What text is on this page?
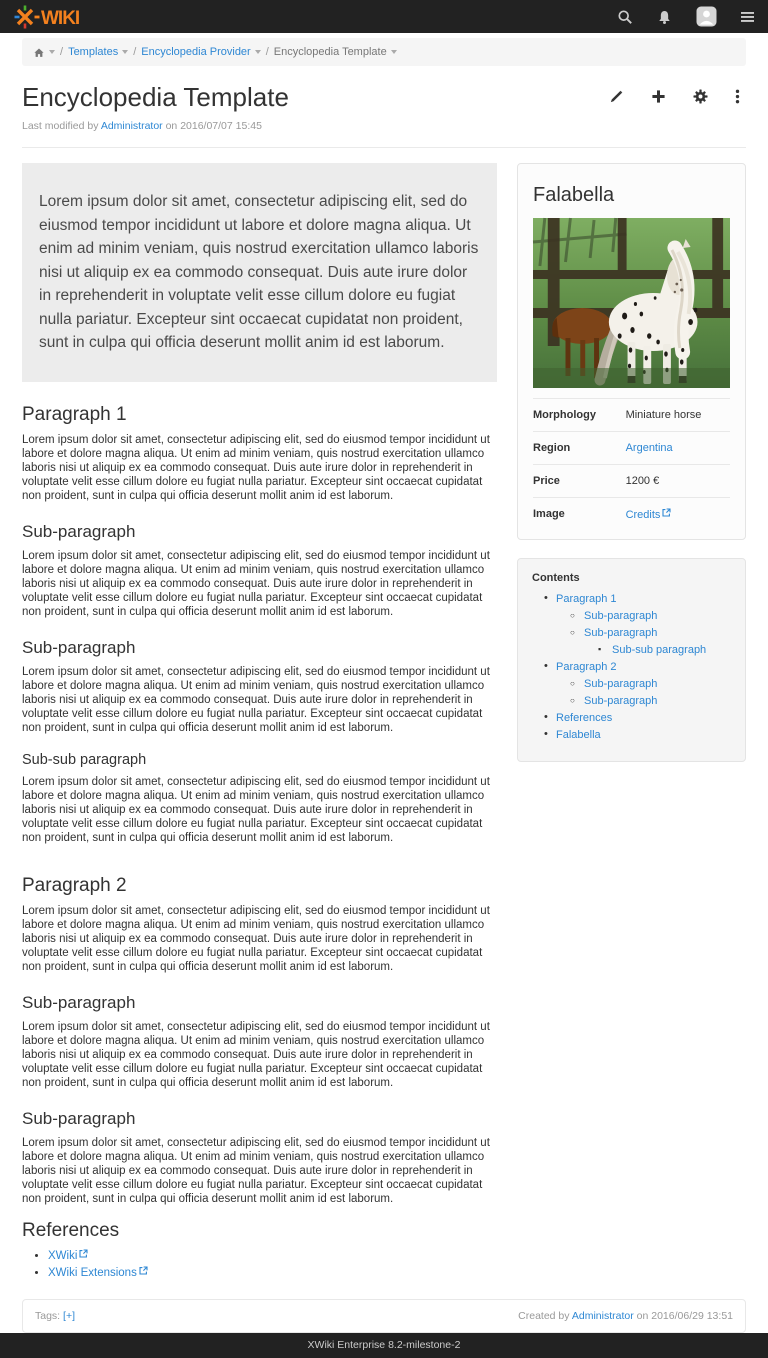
WIKI
/ Templates	/ Encyclopedia Provider	/ Encyclopedia Template
Encyclopedia Template
Last modified by Administrator on 2016/07/07 15:45
Lorem ipsum dolor sit amet, consectetur adipiscing elit, sed do eiusmod tempor incididunt ut labore et dolore magna aliqua. Ut enim ad minim veniam, quis nostrud exercitation ullamco laboris nisi ut aliquip ex ea commodo consequat. Duis aute irure dolor in reprehenderit in voluptate velit esse cillum dolore eu fugiat nulla pariatur. Excepteur sint occaecat cupidatat non proident, sunt in culpa qui officia deserunt mollit anim id est laborum.
Paragraph 1

Lorem ipsum dolor sit amet, consectetur adipiscing elit, sed do eiusmod tempor incididunt ut labore et dolore magna aliqua. Ut enim ad minim veniam, quis nostrud exercitation ullamco laboris nisi ut aliquip ex ea commodo consequat. Duis aute irure dolor in reprehenderit in voluptate velit esse cillum dolore eu fugiat nulla pariatur. Excepteur sint occaecat cupidatat non proident, sunt in culpa qui officia deserunt mollit anim id est laborum.

Sub-paragraph

Lorem ipsum dolor sit amet, consectetur adipiscing elit, sed do eiusmod tempor incididunt ut labore et dolore magna aliqua. Ut enim ad minim veniam, quis nostrud exercitation ullamco laboris nisi ut aliquip ex ea commodo consequat. Duis aute irure dolor in reprehenderit in voluptate velit esse cillum dolore eu fugiat nulla pariatur. Excepteur sint occaecat cupidatat non proident, sunt in culpa qui officia deserunt mollit anim id est laborum.

Sub-paragraph

Lorem ipsum dolor sit amet, consectetur adipiscing elit, sed do eiusmod tempor incididunt ut labore et dolore magna aliqua. Ut enim ad minim veniam, quis nostrud exercitation ullamco laboris nisi ut aliquip ex ea commodo consequat. Duis aute irure dolor in reprehenderit in voluptate velit esse cillum dolore eu fugiat nulla pariatur. Excepteur sint occaecat cupidatat non proident, sunt in culpa qui officia deserunt mollit anim id est laborum.

Sub-sub paragraph

Lorem ipsum dolor sit amet, consectetur adipiscing elit, sed do eiusmod tempor incididunt ut labore et dolore magna aliqua. Ut enim ad minim veniam, quis nostrud exercitation ullamco laboris nisi ut aliquip ex ea commodo consequat. Duis aute irure dolor in reprehenderit in voluptate velit esse cillum dolore eu fugiat nulla pariatur. Excepteur sint occaecat cupidatat non proident, sunt in culpa qui officia deserunt mollit anim id est laborum.

Paragraph 2

Lorem ipsum dolor sit amet, consectetur adipiscing elit, sed do eiusmod tempor incididunt ut labore et dolore magna aliqua. Ut enim ad minim veniam, quis nostrud exercitation ullamco laboris nisi ut aliquip ex ea commodo consequat. Duis aute irure dolor in reprehenderit in voluptate velit esse cillum dolore eu fugiat nulla pariatur. Excepteur sint occaecat cupidatat non proident, sunt in culpa qui officia deserunt mollit anim id est laborum.

Sub-paragraph

Lorem ipsum dolor sit amet, consectetur adipiscing elit, sed do eiusmod tempor incididunt ut labore et dolore magna aliqua. Ut enim ad minim veniam, quis nostrud exercitation ullamco laboris nisi ut aliquip ex ea commodo consequat. Duis aute irure dolor in reprehenderit in voluptate velit esse cillum dolore eu fugiat nulla pariatur. Excepteur sint occaecat cupidatat non proident, sunt in culpa qui officia deserunt mollit anim id est laborum.

Sub-paragraph

Lorem ipsum dolor sit amet, consectetur adipiscing elit, sed do eiusmod tempor incididunt ut labore et dolore magna aliqua. Ut enim ad minim veniam, quis nostrud exercitation ullamco laboris nisi ut aliquip ex ea commodo consequat. Duis aute irure dolor in reprehenderit in voluptate velit esse cillum dolore eu fugiat nulla pariatur. Excepteur sint occaecat cupidatat non proident, sunt in culpa qui officia deserunt mollit anim id est laborum.

References
• XWiki
• XWiki Extensions
Falabella
Morphology	Miniature horse
Region	Argentina
Price	1200 €
Image	Credits
Contents
• Paragraph 1
○ Sub-paragraph
○ Sub-paragraph
▪ Sub-sub paragraph
• Paragraph 2
○ Sub-paragraph
○ Sub-paragraph
• References
• Falabella
Tags: [+]	Created by Administrator on 2016/06/29 13:51
XWiki Enterprise 8.2-milestone-2
